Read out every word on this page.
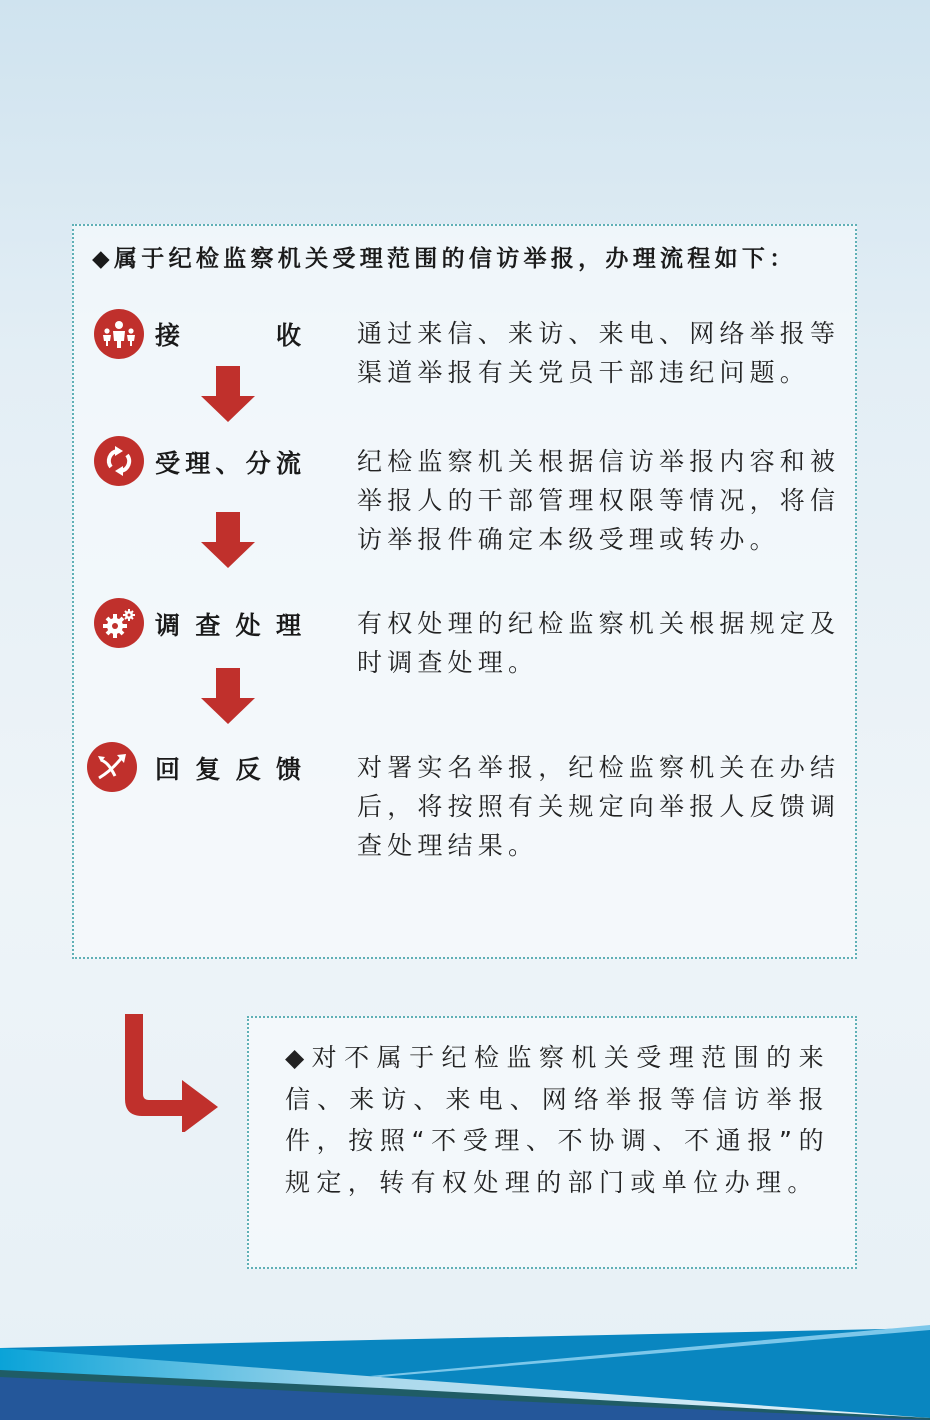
◆属于纪检监察机关受理范围的信访举报，办理流程如下：
接　收 通过来信、来访、来电、网络举报等渠道举报有关党员干部违纪问题。
受理、分流 纪检监察机关根据信访举报内容和被举报人的干部管理权限等情况，将信访举报件确定本级受理或转办。
调查处理 有权处理的纪检监察机关根据规定及时调查处理。
回复反馈 对署实名举报，纪检监察机关在办结后，将按照有关规定向举报人反馈调查处理结果。
◆对不属于纪检监察机关受理范围的来信、来访、来电、网络举报等信访举报件，按照“不受理、不协调、不通报”的规定，转有权处理的部门或单位办理。
